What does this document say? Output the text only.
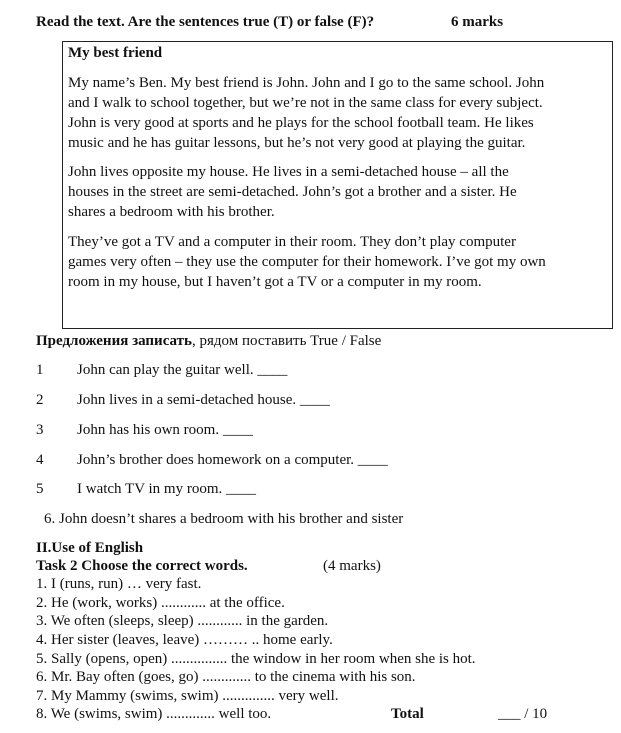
Read the text. Are the sentences true (T) or false (F)?	6 marks
My best friend

My name’s Ben. My best friend is John. John and I go to the same school. John

and I walk to school together, but we’re not in the same class for every subject.

John is very good at sports and he plays for the school football team. He likes

music and he has guitar lessons, but he’s not very good at playing the guitar.

John lives opposite my house. He lives in a semi-detached house – all the

houses in the street are semi-detached. John’s got a brother and a sister. He

shares a bedroom with his brother.

They’ve got a TV and a computer in their room. They don’t play computer

games very often – they use the computer for their homework. I’ve got my own

room in my house, but I haven’t got a TV or a computer in my room.

Предложения записать, рядом поставить True / False
1 John can play the guitar well. ____
2 John lives in a semi-detached house. ____
3 John has his own room. ____
4 John’s brother does homework on a computer. ____
5 I watch TV in my room. ____
6. John doesn’t shares a bedroom with his brother and sister
II.Use of English
Task 2 Choose the correct words.	(4 marks)
1. I (runs, run) … very fast.
2. He (work, works) ............ at the office.
3. We often (sleeps, sleep) ............ in the garden.
4. Her sister (leaves, leave) ……… .. home early.
5. Sally (opens, open) ............... the window in her room when she is hot.
6. Mr. Bay often (goes, go) ............. to the cinema with his son.
7. My Mammy (swims, swim) .............. very well.
8. We (swims, swim) ............. well too.	Total	___ / 10
